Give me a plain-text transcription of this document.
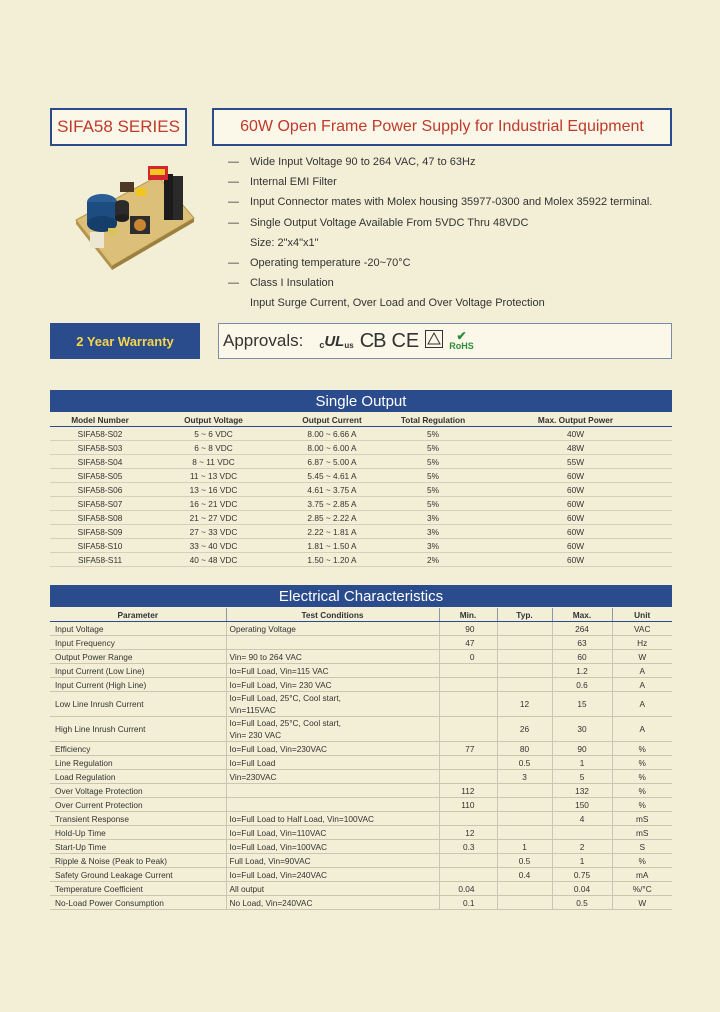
SIFA58 SERIES	60W Open Frame Power Supply for Industrial Equipment
— Wide Input Voltage 90 to 264 VAC, 47 to 63Hz
— Internal EMI Filter
— Input Connector mates with Molex housing 35977-0300 and Molex 35922 terminal.
— Single Output Voltage Available From 5VDC Thru 48VDC
Size: 2"x4"x1"
— Operating temperature -20~70°C
— Class I Insulation
Input Surge Current, Over Load and Over Voltage Protection
2 Year Warranty	Approvals: c UL us CB CE	✔
RoHS
Single Output
Model Number	Output Voltage	Output Current	Total Regulation	Max. Output Power
SIFA58-S02	5 ~ 6 VDC	8.00 ~ 6.66 A	5%	40W
SIFA58-S03	6 ~ 8 VDC	8.00 ~ 6.00 A	5%	48W
SIFA58-S04	8 ~ 11 VDC	6.87 ~ 5.00 A	5%	55W
SIFA58-S05	11 ~ 13 VDC	5.45 ~ 4.61 A	5%	60W
SIFA58-S06	13 ~ 16 VDC	4.61 ~ 3.75 A	5%	60W
SIFA58-S07	16 ~ 21 VDC	3.75 ~ 2.85 A	5%	60W
SIFA58-S08	21 ~ 27 VDC	2.85 ~ 2.22 A	3%	60W
SIFA58-S09	27 ~ 33 VDC	2.22 ~ 1.81 A	3%	60W
SIFA58-S10	33 ~ 40 VDC	1.81 ~ 1.50 A	3%	60W
SIFA58-S11	40 ~ 48 VDC	1.50 ~ 1.20 A	2%	60W
Electrical Characteristics
Parameter	Test Conditions	Min.	Typ.	Max.	Unit
Input Voltage	Operating Voltage	90		264	VAC
Input Frequency		47		63	Hz
Output Power Range	Vin= 90 to 264 VAC	0		60	W
Input Current (Low Line)	Io=Full Load, Vin=115 VAC			1.2	A
Input Current (High Line)	Io=Full Load, Vin= 230 VAC			0.6	A
Low Line Inrush Current	Io=Full Load, 25°C, Cool start,
Vin=115VAC		12	15	A
High Line Inrush Current	Io=Full Load, 25°C, Cool start,
Vin= 230 VAC		26	30	A
Efficiency	Io=Full Load, Vin=230VAC	77	80	90	%
Line Regulation	Io=Full Load		0.5	1	%
Load Regulation	Vin=230VAC		3	5	%
Over Voltage Protection		112		132	%
Over Current Protection		110		150	%
Transient Response	Io=Full Load to Half Load, Vin=100VAC			4	mS
Hold-Up Time	Io=Full Load, Vin=110VAC	12			mS
Start-Up Time	Io=Full Load, Vin=100VAC	0.3	1	2	S
Ripple & Noise (Peak to Peak)	Full Load, Vin=90VAC		0.5	1	%
Safety Ground Leakage Current	Io=Full Load, Vin=240VAC		0.4	0.75	mA
Temperature Coefficient	All output	0.04		0.04	%/°C
No-Load Power Consumption	No Load, Vin=240VAC	0.1		0.5	W
